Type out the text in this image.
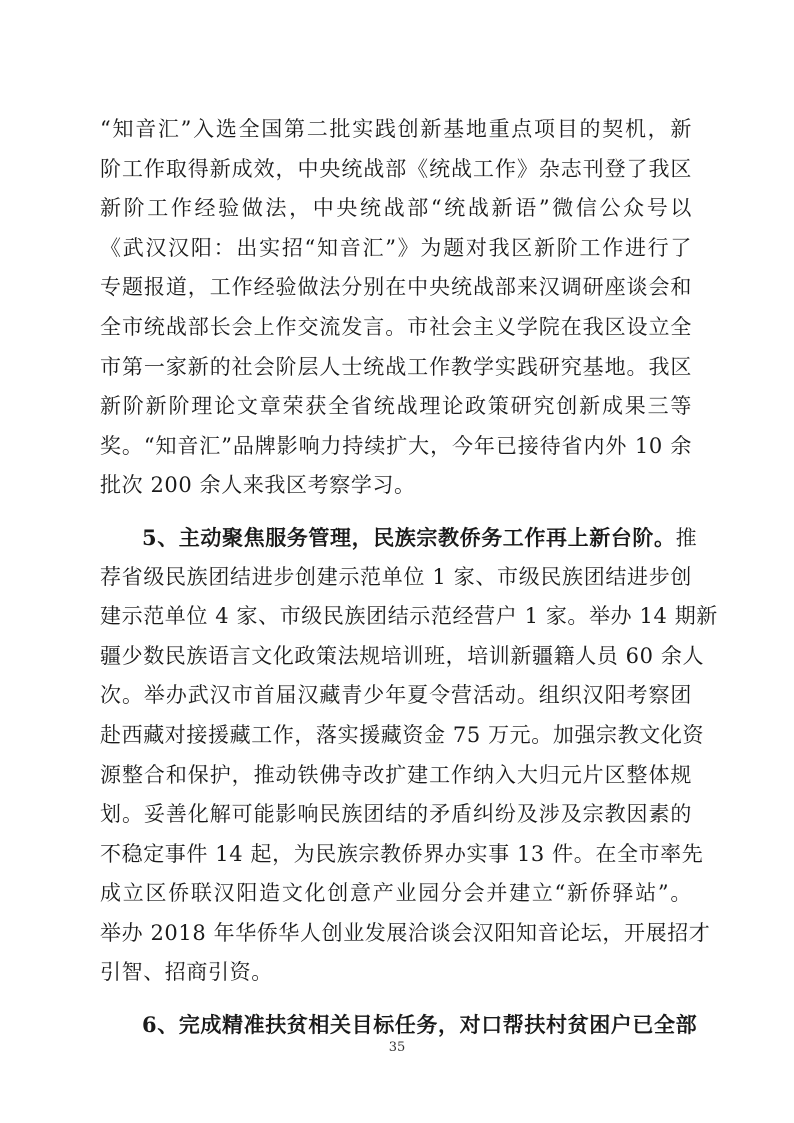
“知音汇”入选全国第二批实践创新基地重点项目的契机，新
阶工作取得新成效，中央统战部《统战工作》杂志刊登了我区
新阶工作经验做法，中央统战部“统战新语”微信公众号以
《武汉汉阳：出实招“知音汇”》为题对我区新阶工作进行了
专题报道，工作经验做法分别在中央统战部来汉调研座谈会和
全市统战部长会上作交流发言。市社会主义学院在我区设立全
市第一家新的社会阶层人士统战工作教学实践研究基地。我区
新阶新阶理论文章荣获全省统战理论政策研究创新成果三等
奖。“知音汇”品牌影响力持续扩大，今年已接待省内外 10 余
批次 200 余人来我区考察学习。
5、主动聚焦服务管理，民族宗教侨务工作再上新台阶。推
荐省级民族团结进步创建示范单位 1 家、市级民族团结进步创
建示范单位 4 家、市级民族团结示范经营户 1 家。举办 14 期新
疆少数民族语言文化政策法规培训班，培训新疆籍人员 60 余人
次。举办武汉市首届汉藏青少年夏令营活动。组织汉阳考察团
赴西藏对接援藏工作，落实援藏资金 75 万元。加强宗教文化资
源整合和保护，推动铁佛寺改扩建工作纳入大归元片区整体规
划。妥善化解可能影响民族团结的矛盾纠纷及涉及宗教因素的
不稳定事件 14 起，为民族宗教侨界办实事 13 件。在全市率先
成立区侨联汉阳造文化创意产业园分会并建立“新侨驿站”。
举办 2018 年华侨华人创业发展洽谈会汉阳知音论坛，开展招才
引智、招商引资。
6、完成精准扶贫相关目标任务，对口帮扶村贫困户已全部
35
